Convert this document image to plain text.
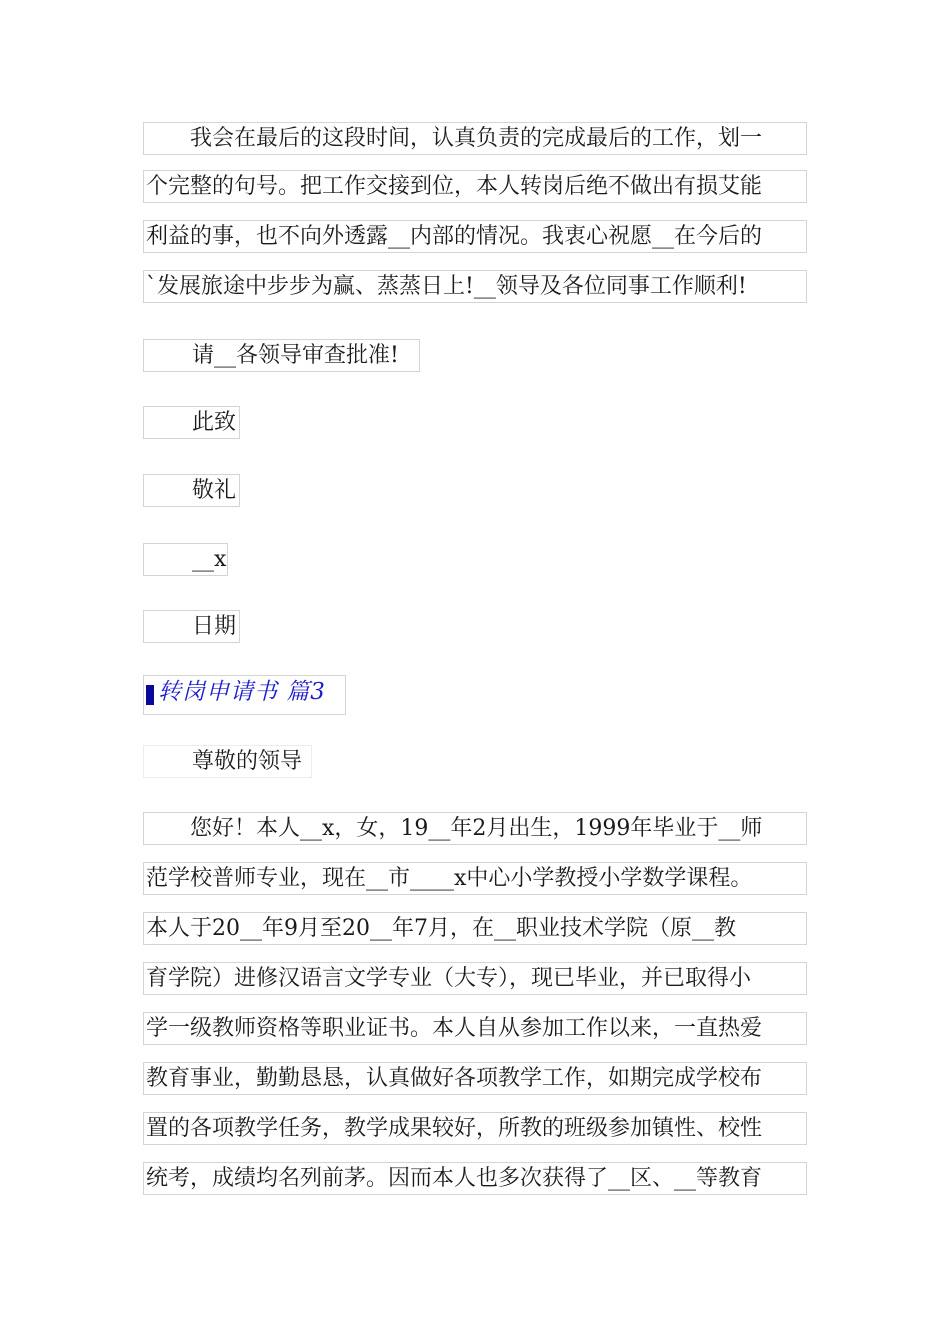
我会在最后的这段时间，认真负责的完成最后的工作，划一
个完整的句号。把工作交接到位，本人转岗后绝不做出有损艾能
利益的事，也不向外透露__内部的情况。我衷心祝愿__在今后的
`发展旅途中步步为赢、蒸蒸日上!__领导及各位同事工作顺利!
请__各领导审查批准!
此致
敬礼
__x
日期
转岗申请书 篇3
尊敬的领导
您好！本人__x，女，19__年2月出生，1999年毕业于__师
范学校普师专业，现在__市____x中心小学教授小学数学课程。
本人于20__年9月至20__年7月，在__职业技术学院（原__教
育学院）进修汉语言文学专业（大专），现已毕业，并已取得小
学一级教师资格等职业证书。本人自从参加工作以来，一直热爱
教育事业，勤勤恳恳，认真做好各项教学工作，如期完成学校布
置的各项教学任务，教学成果较好，所教的班级参加镇性、校性
统考，成绩均名列前茅。因而本人也多次获得了__区、__等教育
